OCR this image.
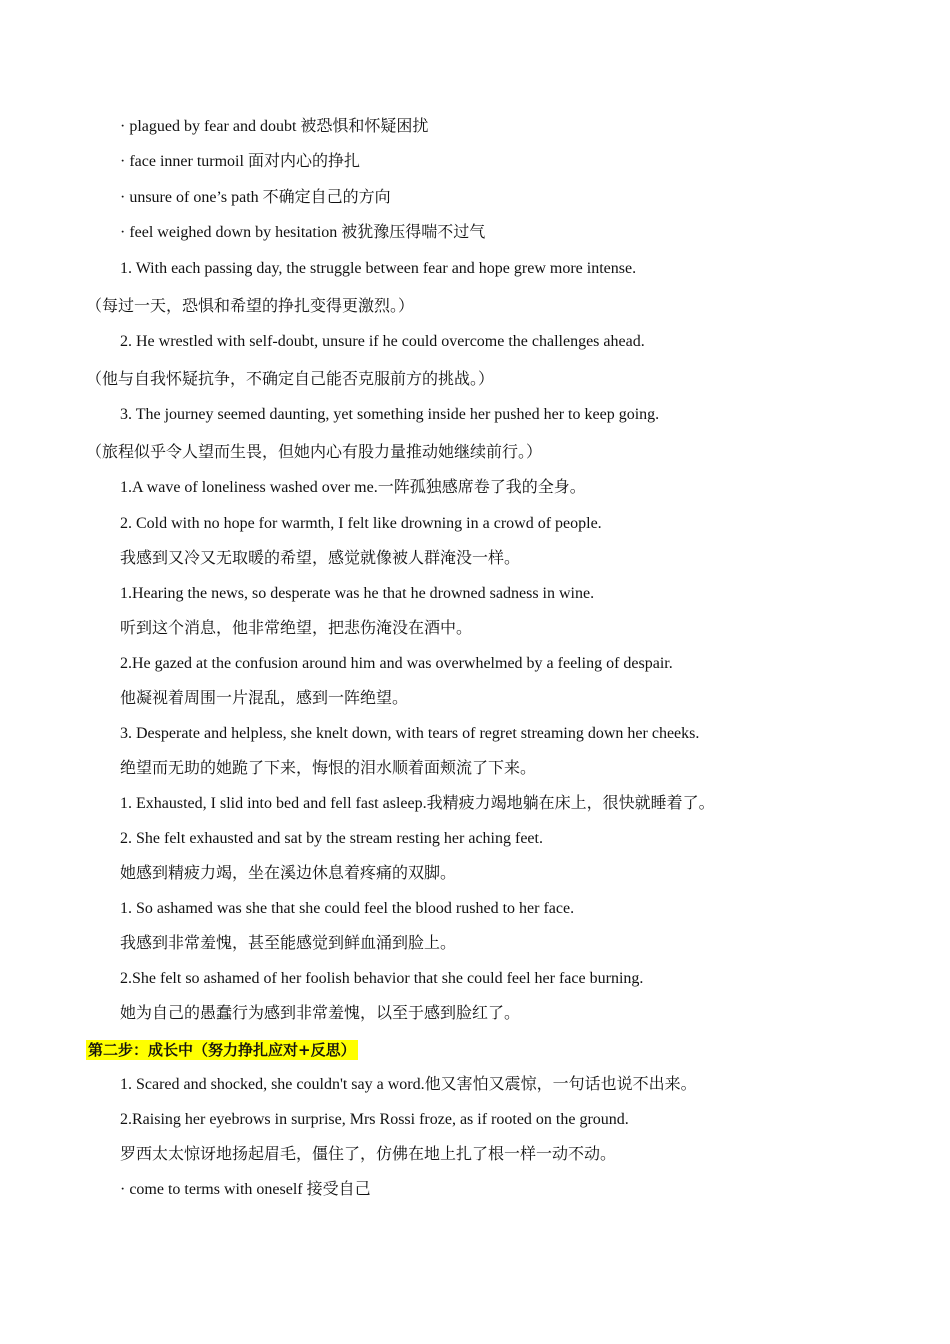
· plagued by fear and doubt 被恐惧和怀疑困扰
· face inner turmoil 面对内心的挣扎
· unsure of one’s path 不确定自己的方向
· feel weighed down by hesitation 被犹豫压得喘不过气
1. With each passing day, the struggle between fear and hope grew more intense.
（每过一天，恐惧和希望的挣扎变得更激烈。）
2. He wrestled with self-doubt, unsure if he could overcome the challenges ahead.
（他与自我怀疑抗争，不确定自己能否克服前方的挑战。）
3. The journey seemed daunting, yet something inside her pushed her to keep going.
（旅程似乎令人望而生畏，但她内心有股力量推动她继续前行。）
1.A wave of loneliness washed over me.一阵孤独感席卷了我的全身。
2. Cold with no hope for warmth, I felt like drowning in a crowd of people.
我感到又冷又无取暖的希望，感觉就像被人群淹没一样。
1.Hearing the news, so desperate was he that he drowned sadness in wine.
听到这个消息，他非常绝望，把悲伤淹没在酒中。
2.He gazed at the confusion around him and was overwhelmed by a feeling of despair.
他凝视着周围一片混乱，感到一阵绝望。
3. Desperate and helpless, she knelt down, with tears of regret streaming down her cheeks.
绝望而无助的她跪了下来，悔恨的泪水顺着面颊流了下来。
1. Exhausted, I slid into bed and fell fast asleep.我精疲力竭地躺在床上，很快就睡着了。
2. She felt exhausted and sat by the stream resting her aching feet.
她感到精疲力竭，坐在溪边休息着疼痛的双脚。
1. So ashamed was she that she could feel the blood rushed to her face.
我感到非常羞愧，甚至能感觉到鲜血涌到脸上。
2.She felt so ashamed of her foolish behavior that she could feel her face burning.
她为自己的愚蠢行为感到非常羞愧，以至于感到脸红了。
第二步：成长中（努力挣扎应对+反思）
1. Scared and shocked, she couldn't say a word.他又害怕又震惊，一句话也说不出来。
2.Raising her eyebrows in surprise, Mrs Rossi froze, as if rooted on the ground.
罗西太太惊讶地扬起眉毛，僵住了，仿佛在地上扎了根一样一动不动。
· come to terms with oneself 接受自己
